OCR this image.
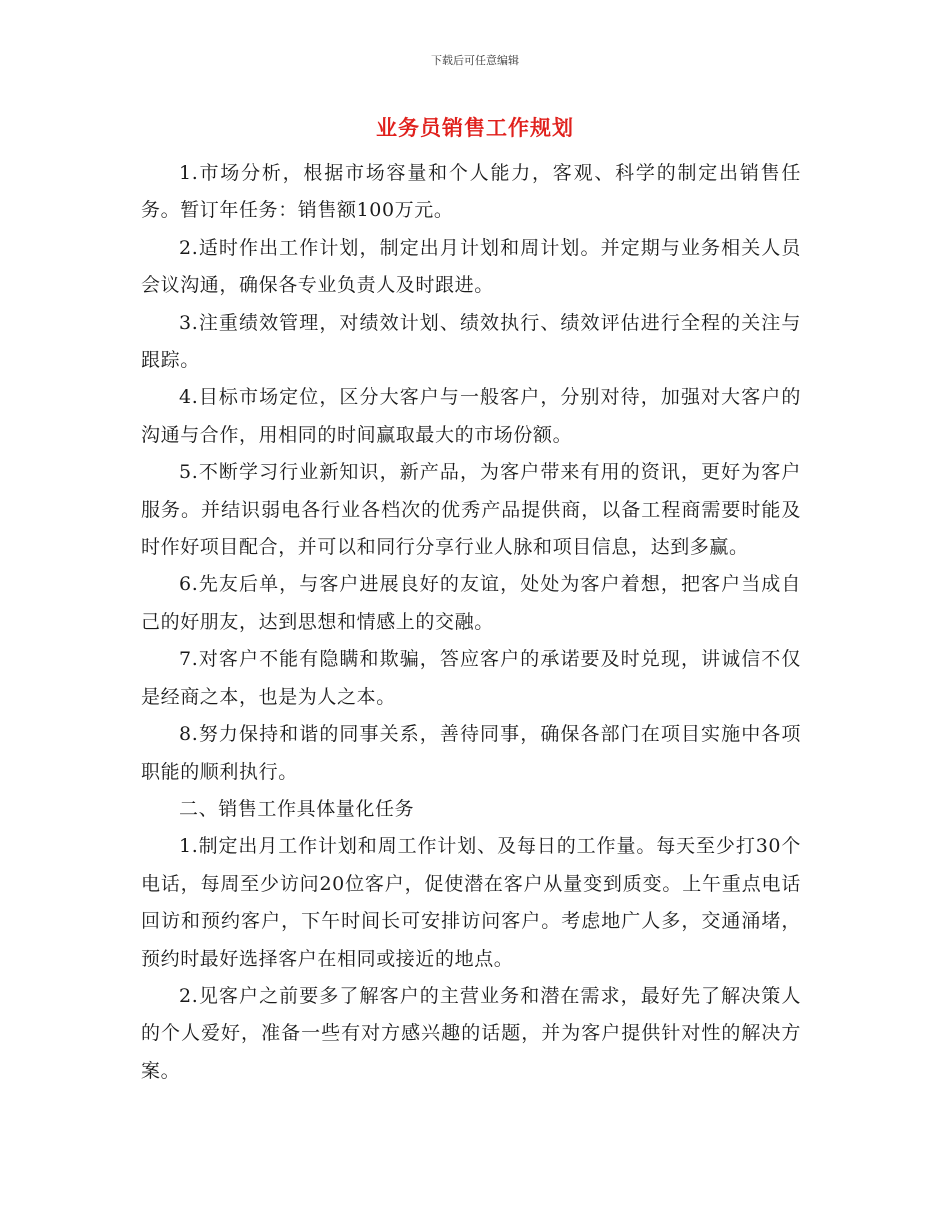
下载后可任意编辑
业务员销售工作规划

1.市场分析，根据市场容量和个人能力，客观、科学的制定出销售任务。暂订年任务：销售额100万元。

2.适时作出工作计划，制定出月计划和周计划。并定期与业务相关人员会议沟通，确保各专业负责人及时跟进。

3.注重绩效管理，对绩效计划、绩效执行、绩效评估进行全程的关注与跟踪。

4.目标市场定位，区分大客户与一般客户，分别对待，加强对大客户的沟通与合作，用相同的时间赢取最大的市场份额。

5.不断学习行业新知识，新产品，为客户带来有用的资讯，更好为客户服务。并结识弱电各行业各档次的优秀产品提供商，以备工程商需要时能及时作好项目配合，并可以和同行分享行业人脉和项目信息，达到多赢。

6.先友后单，与客户进展良好的友谊，处处为客户着想，把客户当成自己的好朋友，达到思想和情感上的交融。

7.对客户不能有隐瞒和欺骗，答应客户的承诺要及时兑现，讲诚信不仅是经商之本，也是为人之本。

8.努力保持和谐的同事关系，善待同事，确保各部门在项目实施中各项职能的顺利执行。

二、销售工作具体量化任务

1.制定出月工作计划和周工作计划、及每日的工作量。每天至少打30个电话，每周至少访问20位客户，促使潜在客户从量变到质变。上午重点电话回访和预约客户，下午时间长可安排访问客户。考虑地广人多，交通涌堵，预约时最好选择客户在相同或接近的地点。

2.见客户之前要多了解客户的主营业务和潜在需求，最好先了解决策人的个人爱好，准备一些有对方感兴趣的话题，并为客户提供针对性的解决方案。
